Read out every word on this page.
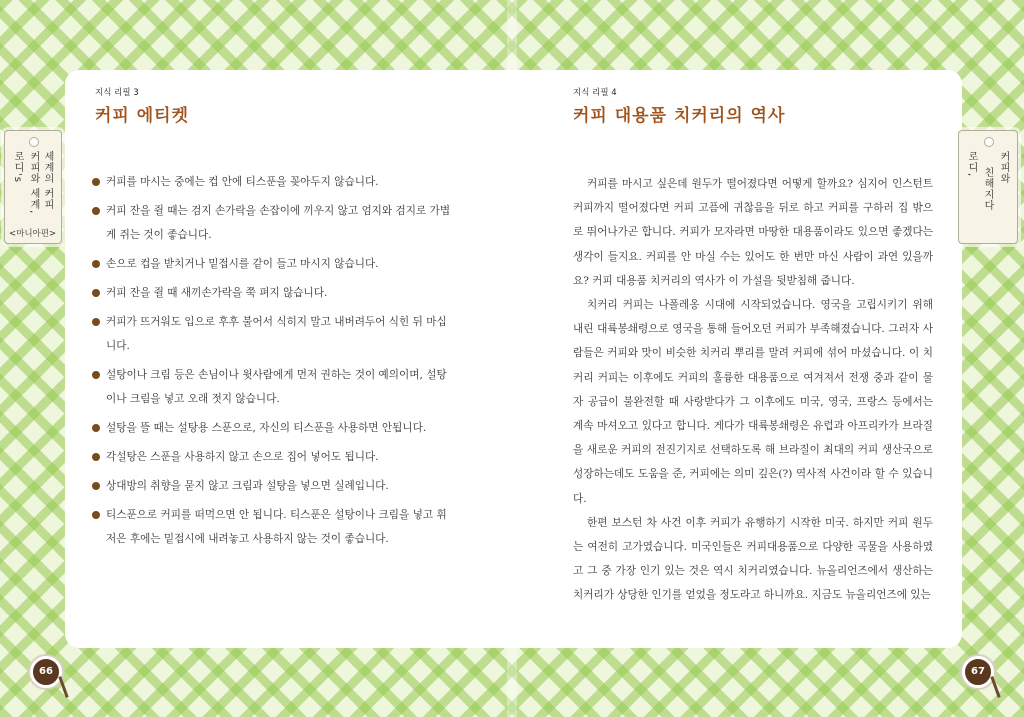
지식 리필 3
커피 에티켓
커피를 마시는 중에는 컵 안에 티스푼을 꽂아두지 않습니다.
커피 잔을 쥘 때는 검지 손가락을 손잡이에 끼우지 않고 엄지와 검지로 가볍게 쥐는 것이 좋습니다.
손으로 컵을 받치거나 밑접시를 같이 들고 마시지 않습니다.
커피 잔을 쥘 때 새끼손가락을 쭉 펴지 않습니다.
커피가 뜨거워도 입으로 후후 불어서 식히지 말고 내버려두어 식힌 뒤 마십니다.
설탕이나 크림 등은 손님이나 윗사람에게 먼저 권하는 것이 예의이며, 설탕이나 크림을 넣고 오래 젓지 않습니다.
설탕을 뜰 때는 설탕용 스푼으로, 자신의 티스푼을 사용하면 안됩니다.
각설탕은 스푼을 사용하지 않고 손으로 집어 넣어도 됩니다.
상대방의 취향을 묻지 않고 크림과 설탕을 넣으면 실례입니다.
티스푼으로 커피를 떠먹으면 안 됩니다. 티스푼은 설탕이나 크림을 넣고 휘저은 후에는 밑접시에 내려놓고 사용하지 않는 것이 좋습니다.
세계의 커피
커피와 세계,
로디's
<마니아편>
66
지식 리필 4
커피 대용품 치커리의 역사

커피를 마시고 싶은데 원두가 떨어졌다면 어떻게 할까요? 심지어 인스턴트 커피까지 떨어졌다면 커피 고픔에 귀찮음을 뒤로 하고 커피를 구하러 집 밖으로 뛰어나가곤 합니다. 커피가 모자라면 마땅한 대용품이라도 있으면 좋겠다는 생각이 들지요. 커피를 안 마실 수는 있어도 한 번만 마신 사람이 과연 있을까요? 커피 대용품 치커리의 역사가 이 가설을 뒷받침해 줍니다.

치커리 커피는 나폴레옹 시대에 시작되었습니다. 영국을 고립시키기 위해 내린 대륙봉쇄령으로 영국을 통해 들어오던 커피가 부족해졌습니다. 그러자 사람들은 커피와 맛이 비슷한 치커리 뿌리를 말려 커피에 섞어 마셨습니다. 이 치커리 커피는 이후에도 커피의 훌륭한 대용품으로 여겨져서 전쟁 중과 같이 물자 공급이 불완전할 때 사랑받다가 그 이후에도 미국, 영국, 프랑스 등에서는 계속 마셔오고 있다고 합니다. 게다가 대륙봉쇄령은 유럽과 아프리카가 브라질을 새로운 커피의 전진기지로 선택하도록 해 브라질이 최대의 커피 생산국으로 성장하는데도 도움을 준, 커피에는 의미 깊은(?) 역사적 사건이라 할 수 있습니다.

한편 보스턴 차 사건 이후 커피가 유행하기 시작한 미국. 하지만 커피 원두는 여전히 고가였습니다. 미국인들은 커피대용품으로 다양한 곡물을 사용하였고 그 중 가장 인기 있는 것은 역시 치커리였습니다. 뉴올리언즈에서 생산하는 치커리가 상당한 인기를 얻었을 정도라고 하니까요. 지금도 뉴올리언즈에 있는

커피와
친해지다
로디,
67
